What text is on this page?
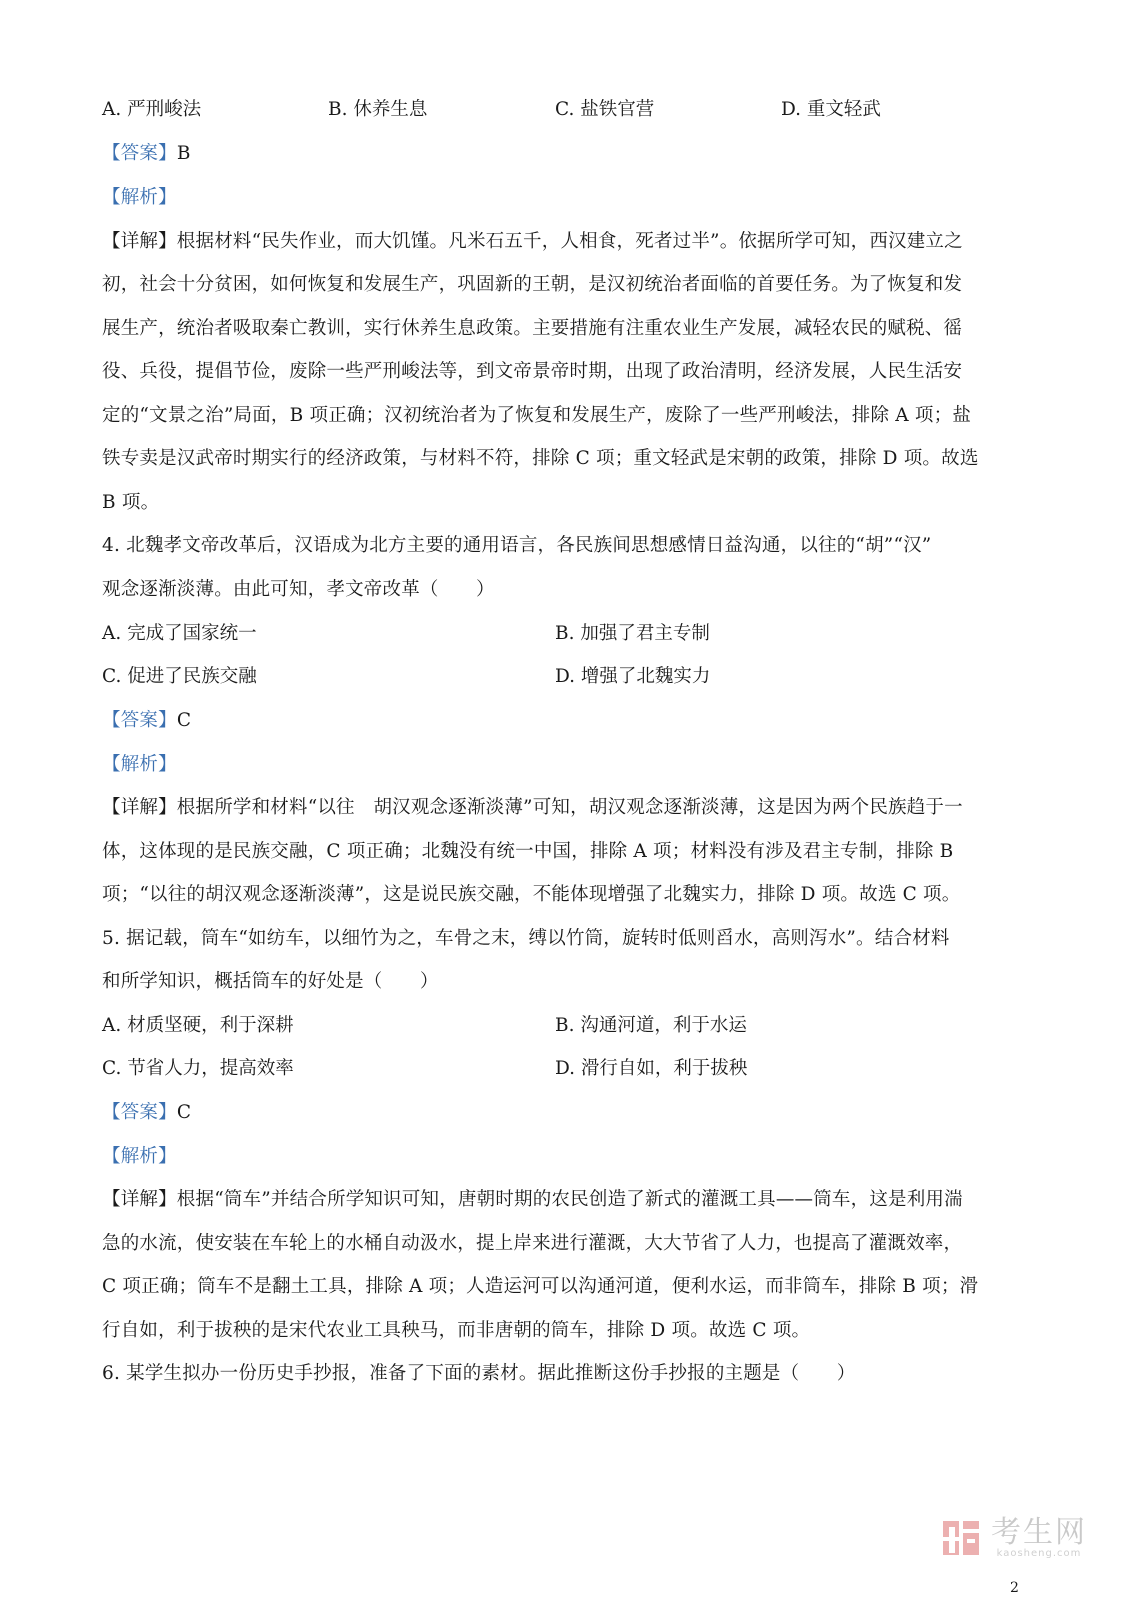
A. 严刑峻法	B. 休养生息	C. 盐铁官营	D. 重文轻武
【答案】B
【解析】
【详解】根据材料“民失作业，而大饥馑。凡米石五千，人相食，死者过半”。依据所学可知，西汉建立之
初，社会十分贫困，如何恢复和发展生产，巩固新的王朝，是汉初统治者面临的首要任务。为了恢复和发
展生产，统治者吸取秦亡教训，实行休养生息政策。主要措施有注重农业生产发展，减轻农民的赋税、徭
役、兵役，提倡节俭，废除一些严刑峻法等，到文帝景帝时期，出现了政治清明，经济发展，人民生活安
定的“文景之治”局面，B 项正确；汉初统治者为了恢复和发展生产，废除了一些严刑峻法，排除 A 项；盐
铁专卖是汉武帝时期实行的经济政策，与材料不符，排除 C 项；重文轻武是宋朝的政策，排除 D 项。故选
B 项。
4. 北魏孝文帝改革后，汉语成为北方主要的通用语言，各民族间思想感情日益沟通，以往的“胡”“汉”
观念逐渐淡薄。由此可知，孝文帝改革（　　）
A. 完成了国家统一	B. 加强了君主专制
C. 促进了民族交融	D. 增强了北魏实力
【答案】C
【解析】
【详解】根据所学和材料“以往　胡汉观念逐渐淡薄”可知，胡汉观念逐渐淡薄，这是因为两个民族趋于一
体，这体现的是民族交融，C 项正确；北魏没有统一中国，排除 A 项；材料没有涉及君主专制，排除 B
项；“以往的胡汉观念逐渐淡薄”，这是说民族交融，不能体现增强了北魏实力，排除 D 项。故选 C 项。
5. 据记载，筒车“如纺车，以细竹为之，车骨之末，缚以竹筒，旋转时低则舀水，高则泻水”。结合材料
和所学知识，概括筒车的好处是（　　）
A. 材质坚硬，利于深耕	B. 沟通河道，利于水运
C. 节省人力，提高效率	D. 滑行自如，利于拔秧
【答案】C
【解析】
【详解】根据“筒车”并结合所学知识可知，唐朝时期的农民创造了新式的灌溉工具——筒车，这是利用湍
急的水流，使安装在车轮上的水桶自动汲水，提上岸来进行灌溉，大大节省了人力，也提高了灌溉效率，
C 项正确；筒车不是翻土工具，排除 A 项；人造运河可以沟通河道，便利水运，而非筒车，排除 B 项；滑
行自如，利于拔秧的是宋代农业工具秧马，而非唐朝的筒车，排除 D 项。故选 C 项。
6. 某学生拟办一份历史手抄报，准备了下面的素材。据此推断这份手抄报的主题是（　　）
考生网
kaosheng.com
2
